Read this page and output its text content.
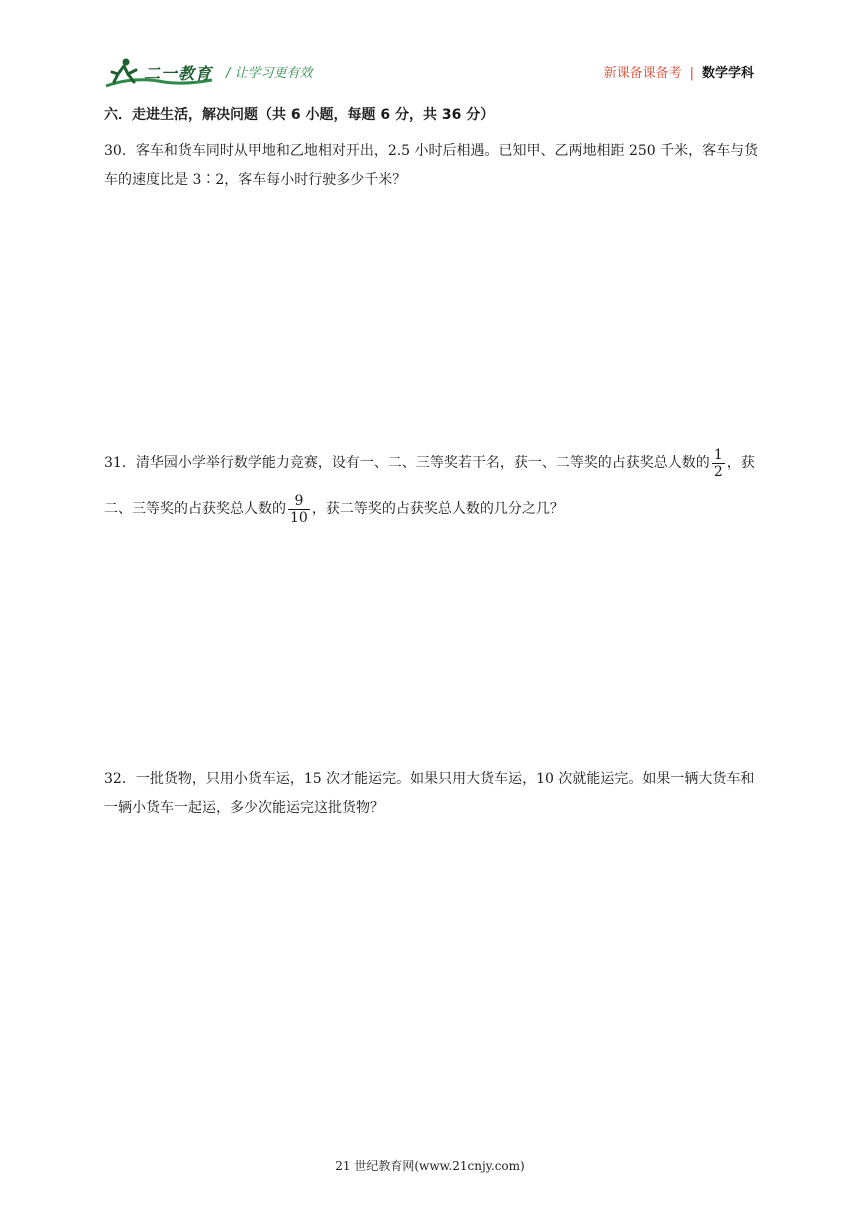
二一教育 / 让学习更有效	新课备课备考 | 数学学科
六．走进生活，解决问题（共 6 小题，每题 6 分，共 36 分）
30．客车和货车同时从甲地和乙地相对开出，2.5 小时后相遇。已知甲、乙两地相距 250 千米，客车与货车的速度比是 3∶2，客车每小时行驶多少千米？
31．清华园小学举行数学能力竞赛，设有一、二、三等奖若干名，获一、二等奖的占获奖总人数的 $\frac{1}{2}$ ，获二、三等奖的占获奖总人数的 $\frac{9}{10}$ ，获二等奖的占获奖总人数的几分之几？
32．一批货物，只用小货车运，15 次才能运完。如果只用大货车运，10 次就能运完。如果一辆大货车和一辆小货车一起运，多少次能运完这批货物？
21 世纪教育网(www.21cnjy.com)
